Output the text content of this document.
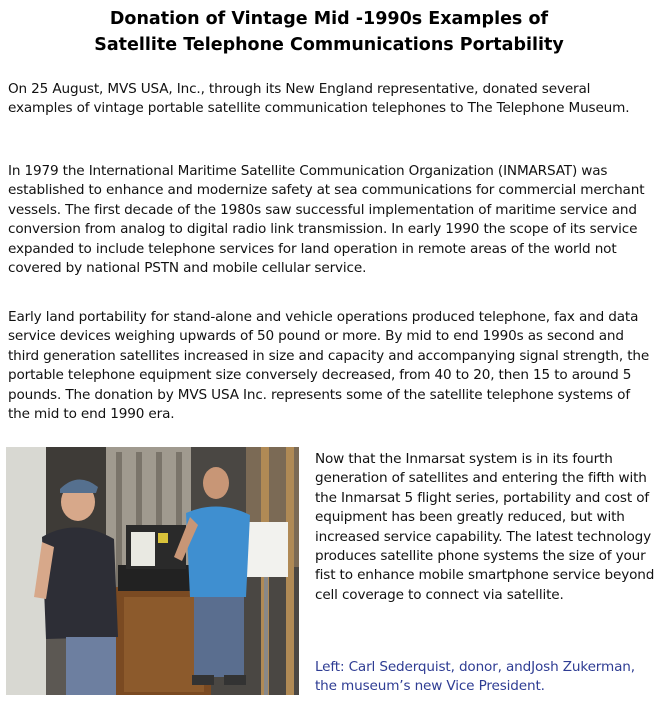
Donation of Vintage Mid -1990s Examples of
Satellite Telephone Communications Portability

On 25 August, MVS USA, Inc., through its New England representative, donated several examples of vintage portable satellite communication telephones to The Telephone Museum.

In 1979 the International Maritime Satellite Communication Organization (INMARSAT) was established to enhance and modernize safety at sea communications for commercial merchant vessels. The first decade of the 1980s saw successful implementation of maritime service and conversion from analog to digital radio link transmission. In early 1990 the scope of its service expanded to include telephone services for land operation in remote areas of the world not covered by national PSTN and mobile cellular service.

Early land portability for stand-alone and vehicle operations produced telephone, fax and data service devices weighing upwards of 50 pound or more. By mid to end 1990s as second and third generation satellites increased in size and capacity and accompanying signal strength, the portable telephone equipment size conversely decreased, from 40 to 20, then 15 to around 5 pounds. The donation by MVS USA Inc. represents some of the satellite telephone systems of the mid to end 1990 era.

Now that the Inmarsat system is in its fourth generation of satellites and entering the fifth with the Inmarsat 5 flight series, portability and cost of equipment has been greatly reduced, but with increased service capability. The latest technology produces satellite phone systems the size of your fist to enhance mobile smartphone service beyond cell coverage to connect via satellite.

Left: Carl Sederquist, donor, andJosh Zukerman, the museum’s new Vice President.
